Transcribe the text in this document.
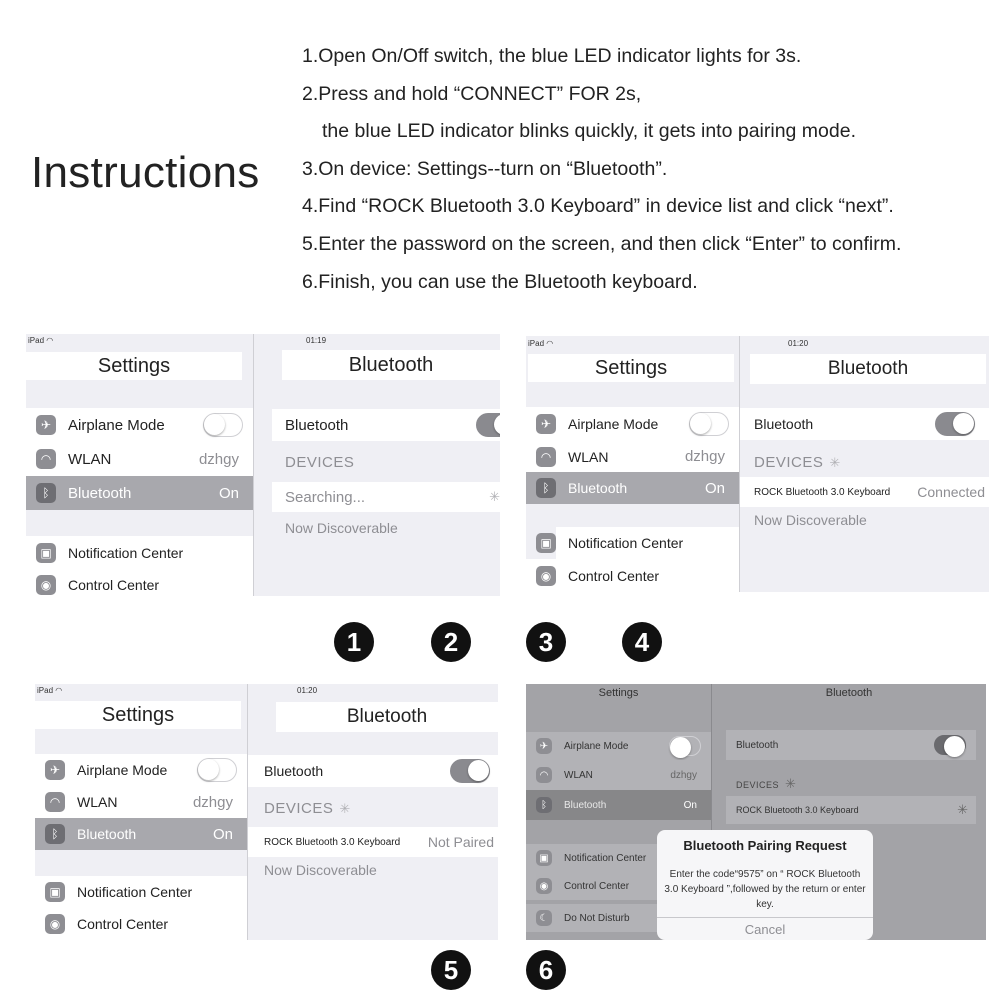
Instructions
1.Open On/Off switch, the blue LED indicator lights for 3s.
2.Press and hold “CONNECT” FOR 2s,
the blue LED indicator blinks quickly, it gets into pairing mode.
3.On device: Settings--turn on “Bluetooth”.
4.Find “ROCK Bluetooth 3.0 Keyboard” in device list and click “next”.
5.Enter the password on the screen, and then click “Enter” to confirm.
6.Finish, you can use the Bluetooth keyboard.
iPad ◠
Settings
✈	Airplane Mode
◠	WLAN	dzhgy
ᛒ	Bluetooth	On
▣	Notification Center
◉	Control Center
01:19
Bluetooth
Bluetooth
DEVICES
Searching...	✳
Now Discoverable
iPad ◠
Settings
✈	Airplane Mode
◠	WLAN	dzhgy
ᛒ	Bluetooth	On
▣	Notification Center
◉	Control Center
01:20
Bluetooth
Bluetooth
DEVICES ✳
ROCK Bluetooth 3.0 Keyboard	Connected
Now Discoverable
1	2	3	4
iPad ◠
Settings
✈	Airplane Mode
◠	WLAN	dzhgy
ᛒ	Bluetooth	On
▣	Notification Center
◉	Control Center
01:20
Bluetooth
Bluetooth
DEVICES ✳
ROCK Bluetooth 3.0 Keyboard	Not Paired
Now Discoverable
Settings
✈	Airplane Mode
◠	WLAN	dzhgy
ᛒ	Bluetooth	On
▣	Notification Center
◉	Control Center
☾	Do Not Disturb
Bluetooth
Bluetooth
DEVICES ✳
ROCK Bluetooth 3.0 Keyboard	✳
Bluetooth Pairing Request
Enter the code“9575” on “ ROCK Bluetooth 3.0 Keyboard ”,followed by the return or enter key.
Cancel
5	6
